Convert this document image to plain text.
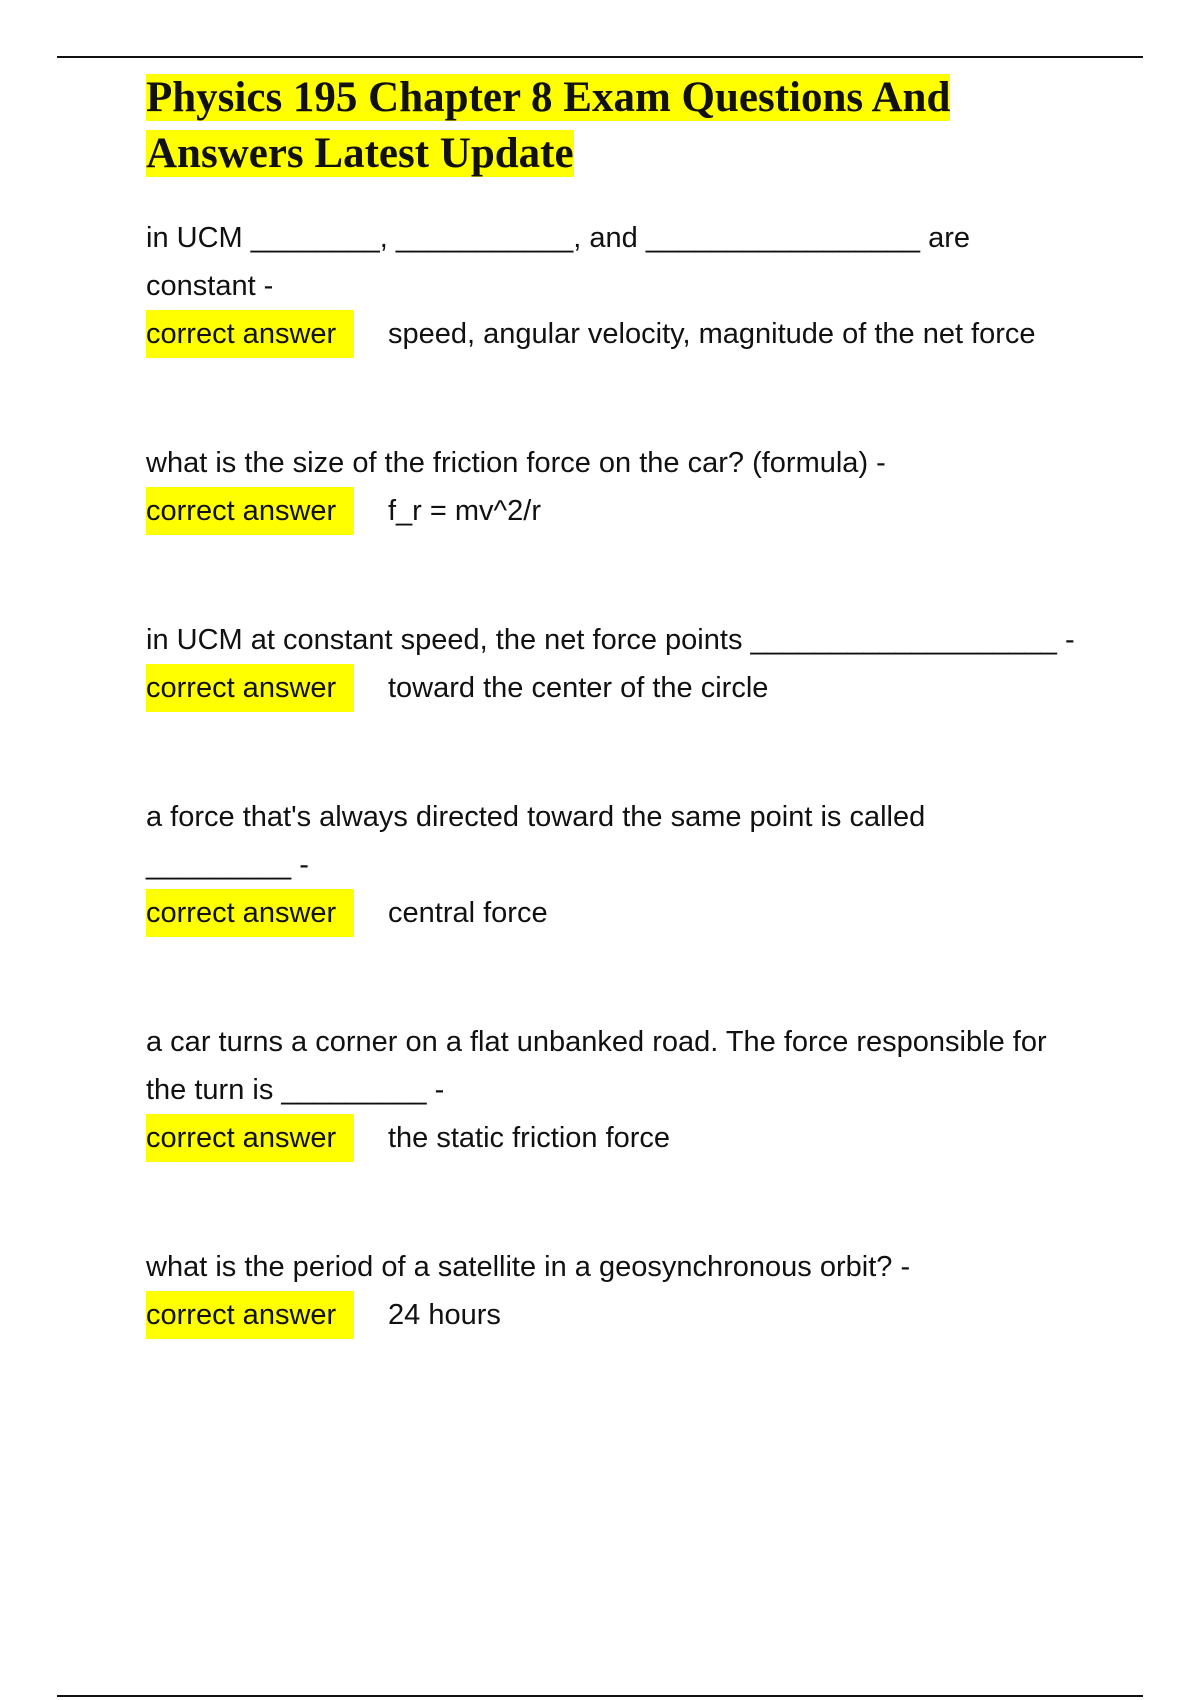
Physics 195 Chapter 8 Exam Questions And Answers Latest Update

in UCM ________, ___________, and _________________ are constant -

correct answer speed, angular velocity, magnitude of the net force

what is the size of the friction force on the car? (formula) -

correct answer f_r = mv^2/r

in UCM at constant speed, the net force points ___________________ -

correct answer toward the center of the circle

a force that's always directed toward the same point is called _________ -

correct answer central force

a car turns a corner on a flat unbanked road. The force responsible for the turn is _________ -

correct answer the static friction force

what is the period of a satellite in a geosynchronous orbit? -

correct answer 24 hours
